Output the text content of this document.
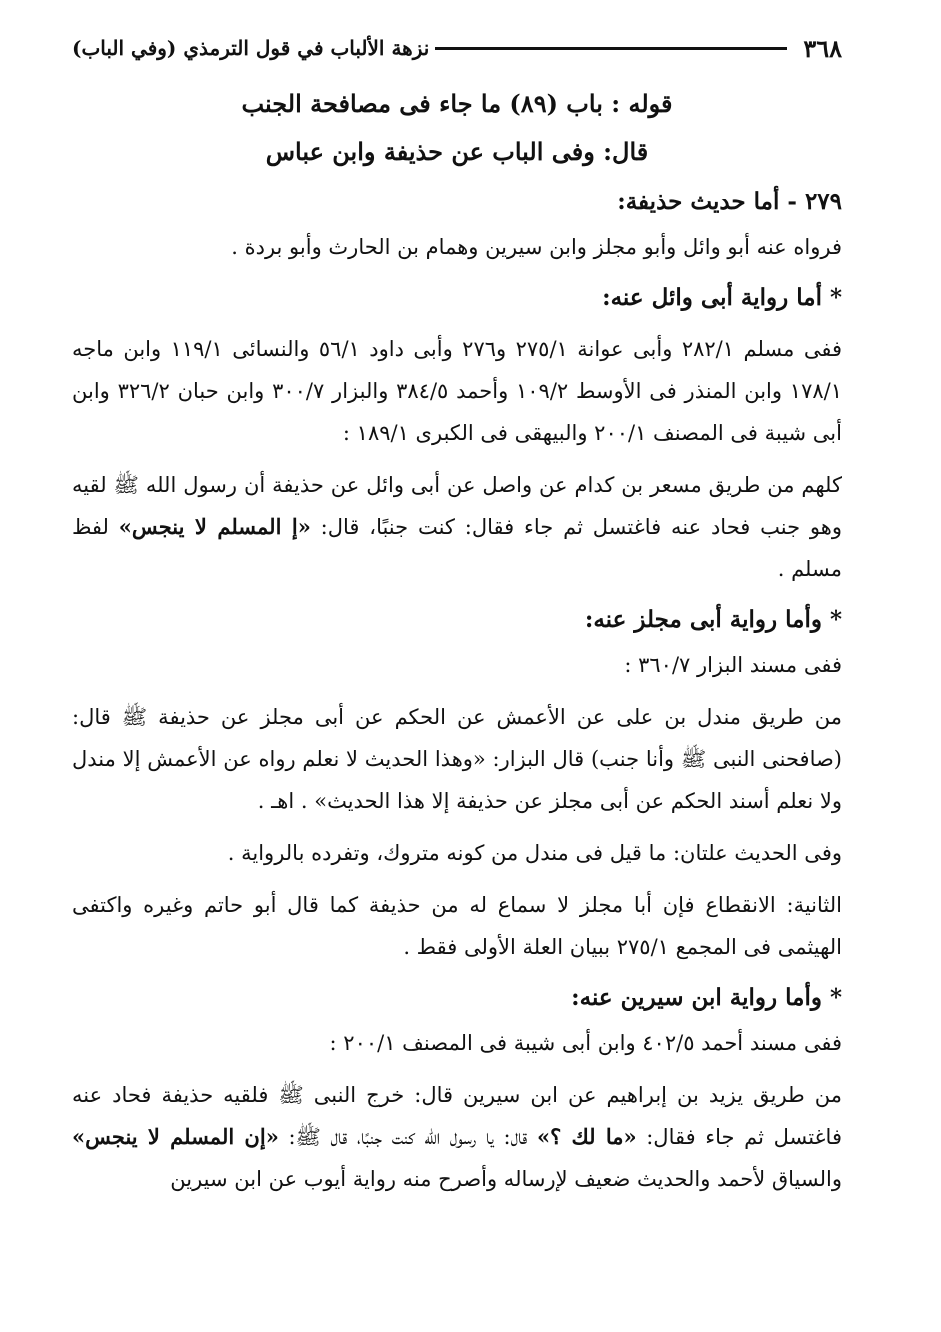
٣٦٨
نزهة الألباب في قول الترمذي (وفي الباب)
قوله : باب (٨٩) ما جاء فى مصافحة الجنب
قال: وفى الباب عن حذيفة وابن عباس
٢٧٩ - أما حديث حذيفة:
فرواه عنه أبو وائل وأبو مجلز وابن سيرين وهمام بن الحارث وأبو بردة .
* أما رواية أبى وائل عنه:
ففى مسلم ٢٨٢/١ وأبى عوانة ٢٧٥/١ و٢٧٦ وأبى داود ٥٦/١ والنسائى ١١٩/١ وابن ماجه ١٧٨/١ وابن المنذر فى الأوسط ١٠٩/٢ وأحمد ٣٨٤/٥ والبزار ٣٠٠/٧ وابن حبان ٣٢٦/٢ وابن أبى شيبة فى المصنف ٢٠٠/١ والبيهقى فى الكبرى ١٨٩/١ :
كلهم من طريق مسعر بن كدام عن واصل عن أبى وائل عن حذيفة أن رسول الله ﷺ لقيه وهو جنب فحاد عنه فاغتسل ثم جاء فقال: كنت جنبًا، قال: «إ المسلم لا ينجس» لفظ مسلم .
* وأما رواية أبى مجلز عنه:
ففى مسند البزار ٣٦٠/٧ :
من طريق مندل بن على عن الأعمش عن الحكم عن أبى مجلز عن حذيفة ﷺ قال: (صافحنى النبى ﷺ وأنا جنب) قال البزار: «وهذا الحديث لا نعلم رواه عن الأعمش إلا مندل ولا نعلم أسند الحكم عن أبى مجلز عن حذيفة إلا هذا الحديث» . اهـ .
وفى الحديث علتان: ما قيل فى مندل من كونه متروك، وتفرده بالرواية .
الثانية: الانقطاع فإن أبا مجلز لا سماع له من حذيفة كما قال أبو حاتم وغيره واكتفى الهيثمى فى المجمع ٢٧٥/١ ببيان العلة الأولى فقط .
* وأما رواية ابن سيرين عنه:
ففى مسند أحمد ٤٠٢/٥ وابن أبى شيبة فى المصنف ٢٠٠/١ :
من طريق يزيد بن إبراهيم عن ابن سيرين قال: خرج النبى ﷺ فلقيه حذيفة فحاد عنه فاغتسل ثم جاء فقال: «ما لك ؟» قال: يا رسول الله كنت جنبًا، قال ﷺ: «إن المسلم لا ينجس» والسياق لأحمد والحديث ضعيف لإرساله وأصرح منه رواية أيوب عن ابن سيرين
